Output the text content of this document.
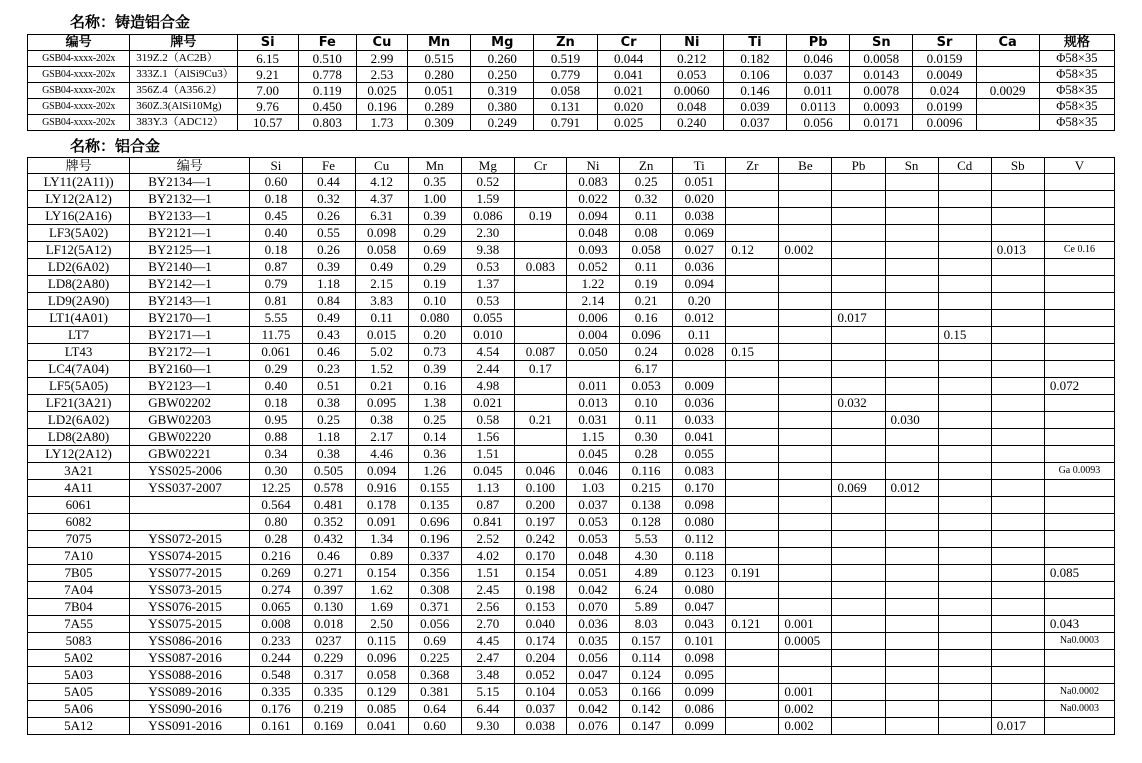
名称：铸造铝合金
编号	牌号	Si	Fe	Cu	Mn	Mg	Zn	Cr	Ni	Ti	Pb	Sn	Sr	Ca	规格
GSB04-xxxx-202x	319Z.2（AC2B）	6.15	0.510	2.99	0.515	0.260	0.519	0.044	0.212	0.182	0.046	0.0058	0.0159		Φ58×35
GSB04-xxxx-202x	333Z.1（AlSi9Cu3）	9.21	0.778	2.53	0.280	0.250	0.779	0.041	0.053	0.106	0.037	0.0143	0.0049		Φ58×35
GSB04-xxxx-202x	356Z.4（A356.2）	7.00	0.119	0.025	0.051	0.319	0.058	0.021	0.0060	0.146	0.011	0.0078	0.024	0.0029	Φ58×35
GSB04-xxxx-202x	360Z.3(AlSi10Mg)	9.76	0.450	0.196	0.289	0.380	0.131	0.020	0.048	0.039	0.0113	0.0093	0.0199		Φ58×35
GSB04-xxxx-202x	383Y.3（ADC12）	10.57	0.803	1.73	0.309	0.249	0.791	0.025	0.240	0.037	0.056	0.0171	0.0096		Φ58×35
名称：铝合金
牌号	编号	Si	Fe	Cu	Mn	Mg	Cr	Ni	Zn	Ti	Zr	Be	Pb	Sn	Cd	Sb	V
LY11(2A11))	BY2134—1	0.60	0.44	4.12	0.35	0.52		0.083	0.25	0.051							
LY12(2A12)	BY2132—1	0.18	0.32	4.37	1.00	1.59		0.022	0.32	0.020							
LY16(2A16)	BY2133—1	0.45	0.26	6.31	0.39	0.086	0.19	0.094	0.11	0.038							
LF3(5A02)	BY2121—1	0.40	0.55	0.098	0.29	2.30		0.048	0.08	0.069							
LF12(5A12)	BY2125—1	0.18	0.26	0.058	0.69	9.38		0.093	0.058	0.027	0.12	0.002				0.013	Ce 0.16
LD2(6A02)	BY2140—1	0.87	0.39	0.49	0.29	0.53	0.083	0.052	0.11	0.036							
LD8(2A80)	BY2142—1	0.79	1.18	2.15	0.19	1.37		1.22	0.19	0.094							
LD9(2A90)	BY2143—1	0.81	0.84	3.83	0.10	0.53		2.14	0.21	0.20							
LT1(4A01)	BY2170—1	5.55	0.49	0.11	0.080	0.055		0.006	0.16	0.012			0.017				
LT7	BY2171—1	11.75	0.43	0.015	0.20	0.010		0.004	0.096	0.11					0.15		
LT43	BY2172—1	0.061	0.46	5.02	0.73	4.54	0.087	0.050	0.24	0.028	0.15						
LC4(7A04)	BY2160—1	0.29	0.23	1.52	0.39	2.44	0.17		6.17								
LF5(5A05)	BY2123—1	0.40	0.51	0.21	0.16	4.98		0.011	0.053	0.009							0.072
LF21(3A21)	GBW02202	0.18	0.38	0.095	1.38	0.021		0.013	0.10	0.036			0.032				
LD2(6A02)	GBW02203	0.95	0.25	0.38	0.25	0.58	0.21	0.031	0.11	0.033				0.030			
LD8(2A80)	GBW02220	0.88	1.18	2.17	0.14	1.56		1.15	0.30	0.041							
LY12(2A12)	GBW02221	0.34	0.38	4.46	0.36	1.51		0.045	0.28	0.055							
3A21	YSS025-2006	0.30	0.505	0.094	1.26	0.045	0.046	0.046	0.116	0.083							Ga 0.0093
4A11	YSS037-2007	12.25	0.578	0.916	0.155	1.13	0.100	1.03	0.215	0.170			0.069	0.012			
6061		0.564	0.481	0.178	0.135	0.87	0.200	0.037	0.138	0.098							
6082		0.80	0.352	0.091	0.696	0.841	0.197	0.053	0.128	0.080							
7075	YSS072-2015	0.28	0.432	1.34	0.196	2.52	0.242	0.053	5.53	0.112							
7A10	YSS074-2015	0.216	0.46	0.89	0.337	4.02	0.170	0.048	4.30	0.118							
7B05	YSS077-2015	0.269	0.271	0.154	0.356	1.51	0.154	0.051	4.89	0.123	0.191						0.085
7A04	YSS073-2015	0.274	0.397	1.62	0.308	2.45	0.198	0.042	6.24	0.080							
7B04	YSS076-2015	0.065	0.130	1.69	0.371	2.56	0.153	0.070	5.89	0.047							
7A55	YSS075-2015	0.008	0.018	2.50	0.056	2.70	0.040	0.036	8.03	0.043	0.121	0.001					0.043
5083	YSS086-2016	0.233	0237	0.115	0.69	4.45	0.174	0.035	0.157	0.101		0.0005					Na0.0003
5A02	YSS087-2016	0.244	0.229	0.096	0.225	2.47	0.204	0.056	0.114	0.098							
5A03	YSS088-2016	0.548	0.317	0.058	0.368	3.48	0.052	0.047	0.124	0.095							
5A05	YSS089-2016	0.335	0.335	0.129	0.381	5.15	0.104	0.053	0.166	0.099		0.001					Na0.0002
5A06	YSS090-2016	0.176	0.219	0.085	0.64	6.44	0.037	0.042	0.142	0.086		0.002					Na0.0003
5A12	YSS091-2016	0.161	0.169	0.041	0.60	9.30	0.038	0.076	0.147	0.099		0.002				0.017	
